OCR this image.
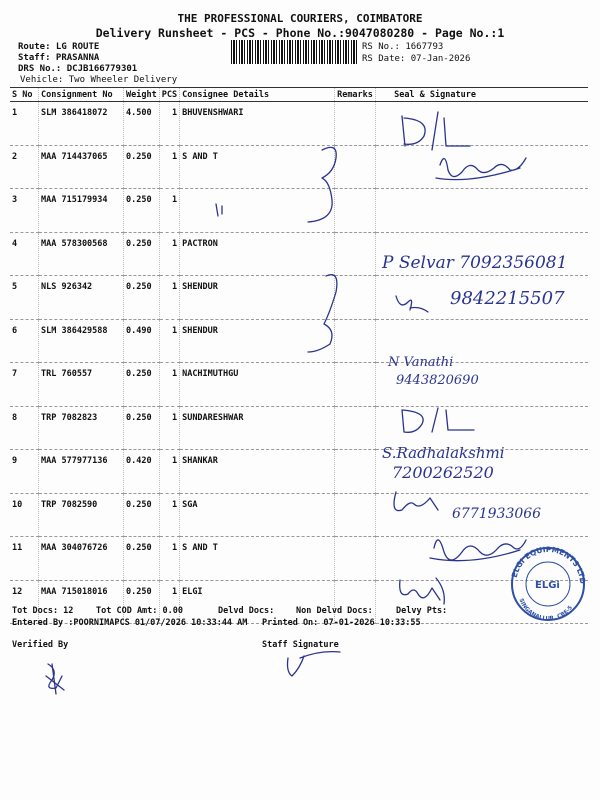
THE PROFESSIONAL COURIERS, COIMBATORE
Delivery Runsheet - PCS - Phone No.:9047080280 - Page No.:1
Route: LG ROUTE
Staff: PRASANNA
DRS No.: DCJB166779301
Vehicle: Two Wheeler Delivery
RS No.: 1667793
RS Date: 07-Jan-2026
S No	Consignment No	Weight	PCS	Consignee Details	Remarks	Seal & Signature
1	SLM 386418072	4.500	1	BHUVENSHWARI		
2	MAA 714437065	0.250	1	S AND T		
3	MAA 715179934	0.250	1			
4	MAA 578300568	0.250	1	PACTRON		
5	NLS 926342	0.250	1	SHENDUR		
6	SLM 386429588	0.490	1	SHENDUR		
7	TRL 760557	0.250	1	NACHIMUTHGU		
8	TRP 7082823	0.250	1	SUNDARESHWAR		
9	MAA 577977136	0.420	1	SHANKAR		
10	TRP 7082590	0.250	1	SGA		
11	MAA 304076726	0.250	1	S AND T		
12	MAA 715018016	0.250	1	ELGI		
P Selvar 7092356081
9842215507
N Vanathi
9443820690
S.Radhalakshmi
7200262520
6771933066
ELGI EQUIPMENTS LTD
SINGANALLUR, CBE-5
ELGi
Tot Docs: 12	Tot COD Amt: 0.00	Delvd Docs:	Non Delvd Docs:	Delvy Pts:
Entered By :POORNIMAPCS 01/07/2026 10:33:44 AM Printed On: 07-01-2026 10:33:55
Verified By	Staff Signature
